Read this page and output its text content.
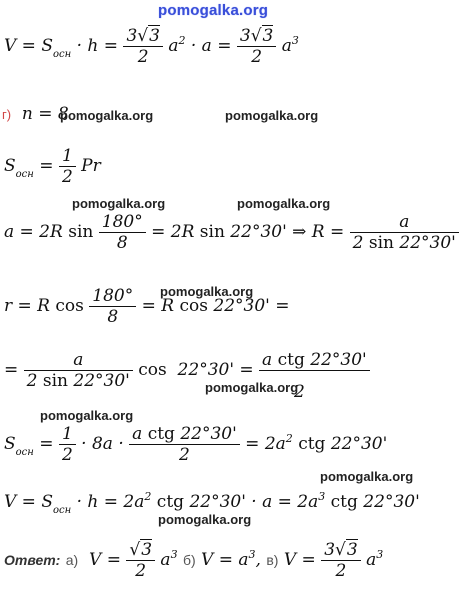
pomogalka.org
$V = S_{осн} \cdot h = \frac{3√3}{2} a^2 \cdot a = \frac{3√3}{2} a^3$
г)  n = 8
pomogalka.org	pomogalka.org
$S_{осн} = \frac{1}{2}$ Pr
pomogalka.org	pomogalka.org
a = 2R $\sin \frac{180^\circ}{8} = 2R$ sin 22°30' ⇒ $R = \frac{a}{2 \sin 22^\circ 30'}$
pomogalka.org
r = R $\cos \frac{180^\circ}{8} = R$ cos 22°30' =
= $\frac{a}{2 \sin 22^\circ 30'}$ cos  22°30' = a ctg 22°30'

2
pomogalka.org
pomogalka.org
$S_{осн} = \frac{1}{2} \cdot 8a \cdot \frac{\text{a ctg 22°30'}}{2} = 2a^2$ ctg 22°30'
pomogalka.org
$V = S_{осн} \cdot h = 2a^2$ ctg $22^\circ 30' \cdot a = 2a^3$ ctg 22°30'
pomogalka.org
Ответ: а)  $V = \frac{√3}{2} a^3$ б) $V = a^3$, в) $V = \frac{3√3}{2} a^3$
